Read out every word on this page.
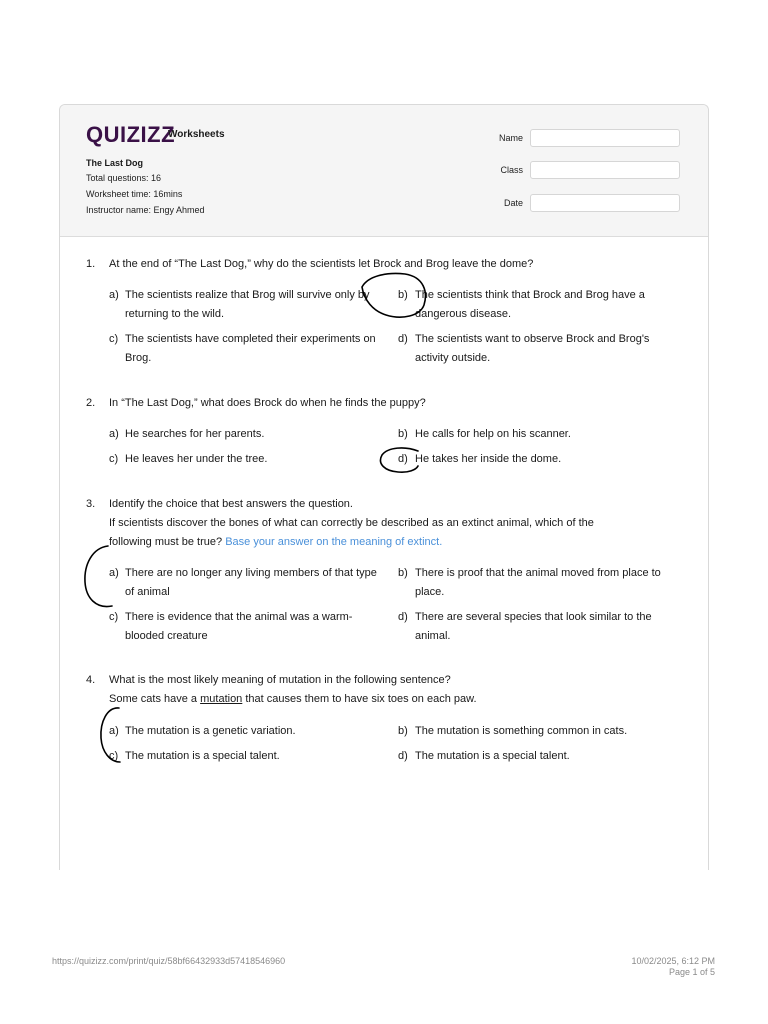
QUIZIZZ
Worksheets
The Last Dog
Total questions: 16
Worksheet time: 16mins
Instructor name: Engy Ahmed
Name
Class
Date
1. At the end of “The Last Dog,” why do the scientists let Brock and Brog leave the dome?
a) The scientists realize that Brog will survive only by
returning to the wild.
b) The scientists think that Brock and Brog have a
dangerous disease.
c) The scientists have completed their experiments on
Brog.
d) The scientists want to observe Brock and Brog's
activity outside.
2. In “The Last Dog,” what does Brock do when he finds the puppy?
a) He searches for her parents.	b) He calls for help on his scanner.
c) He leaves her under the tree.	d) He takes her inside the dome.
3. Identify the choice that best answers the question.
If scientists discover the bones of what can correctly be described as an extinct animal, which of the
following must be true? Base your answer on the meaning of extinct.
a) There are no longer any living members of that type
of animal
b) There is proof that the animal moved from place to
place.
c) There is evidence that the animal was a warm-
blooded creature
d) There are several species that look similar to the
animal.
4. What is the most likely meaning of mutation in the following sentence?
Some cats have a mutation that causes them to have six toes on each paw.
a) The mutation is a genetic variation.	b) The mutation is something common in cats.
c) The mutation is a special talent.	d) The mutation is a special talent.
https://quizizz.com/print/quiz/58bf66432933d57418546960	10/02/2025, 6:12 PM
Page 1 of 5
